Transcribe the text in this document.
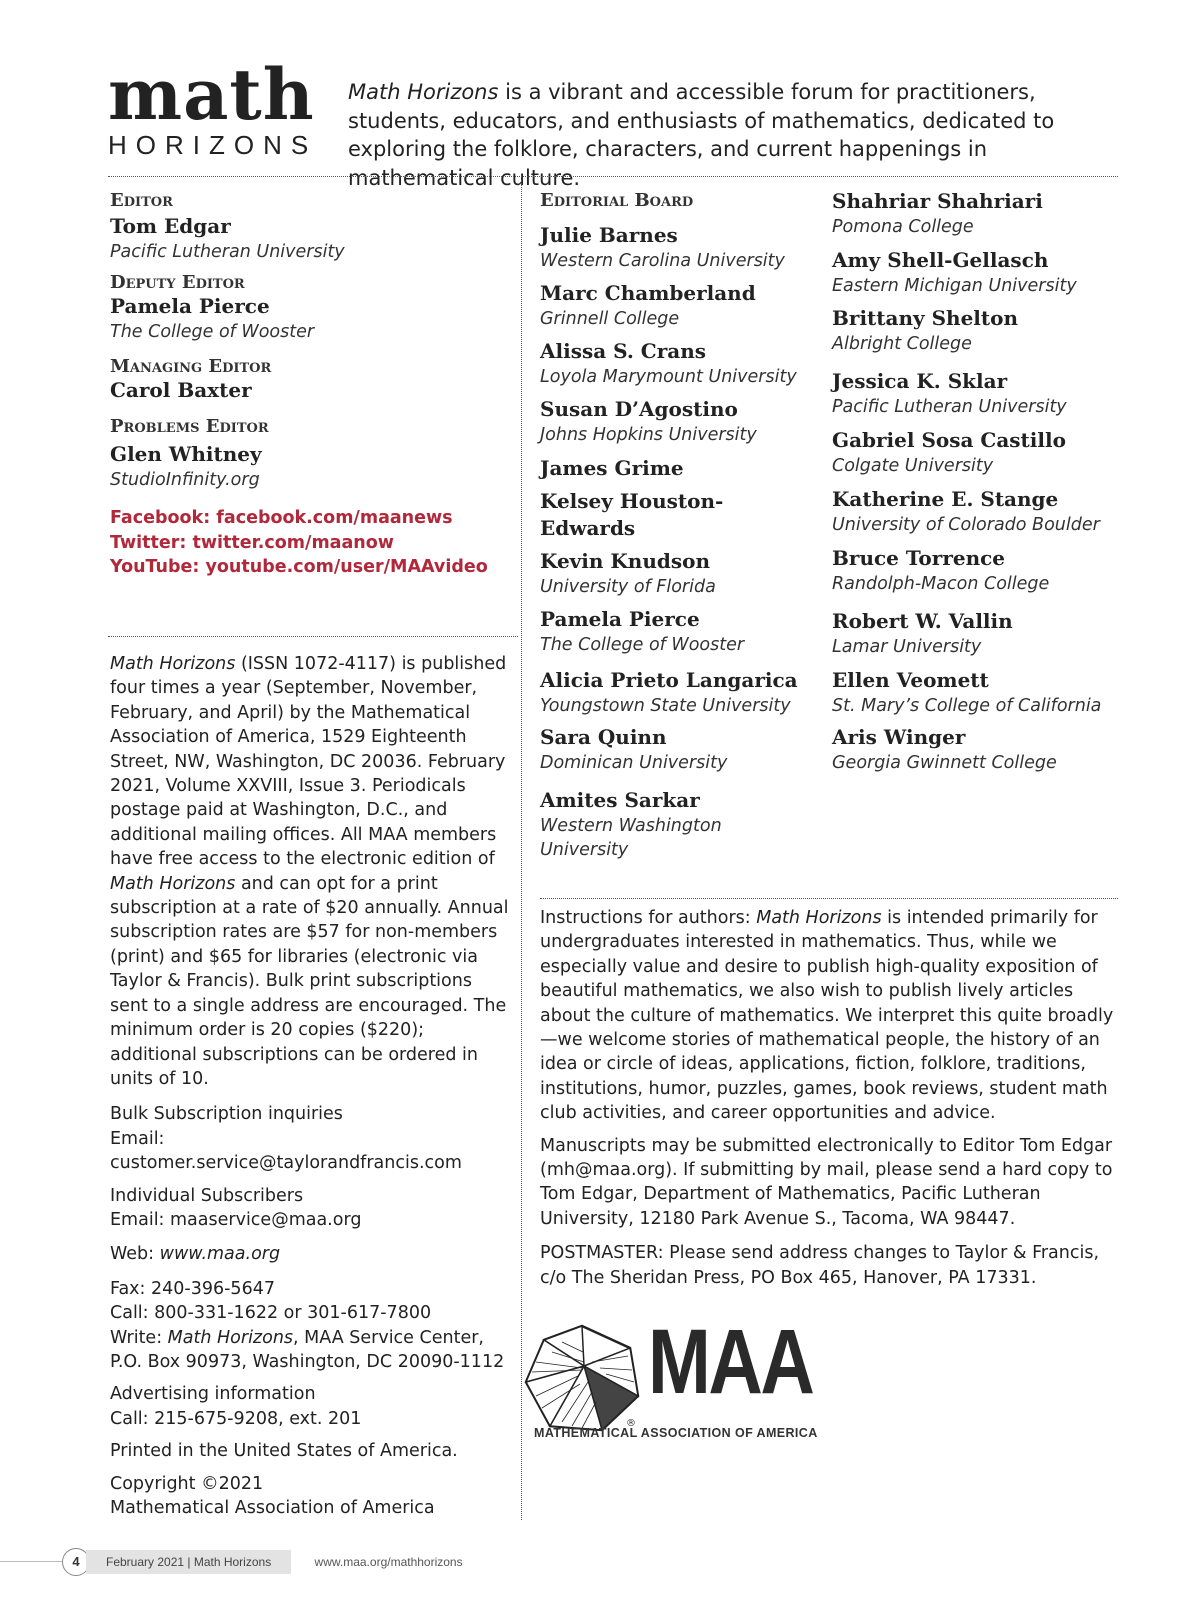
math
HORIZONS
Math Horizons is a vibrant and accessible forum for practitioners, students, educators, and enthusiasts of mathematics, dedicated to exploring the folklore, characters, and current happenings in mathematical culture.
Editor
Tom Edgar
Pacific Lutheran University
Deputy Editor
Pamela Pierce
The College of Wooster
Managing Editor
Carol Baxter
Problems Editor
Glen Whitney
StudioInfinity.org
Facebook: facebook.com/maanews
Twitter: twitter.com/maanow
YouTube: youtube.com/user/MAAvideo

Math Horizons (ISSN 1072-4117) is published four times a year (September, November, February, and April) by the Mathematical Association of America, 1529 Eighteenth Street, NW, Washington, DC 20036. February 2021, Volume XXVIII, Issue 3. Periodicals postage paid at Washington, D.C., and additional mailing offices. All MAA members have free access to the electronic edition of Math Horizons and can opt for a print subscription at a rate of $20 annually. Annual subscription rates are $57 for non-members (print) and $65 for libraries (electronic via Taylor & Francis). Bulk print subscriptions sent to a single address are encouraged. The minimum order is 20 copies ($220); additional subscriptions can be ordered in units of 10.

Bulk Subscription inquiries
Email: customer.service@taylorandfrancis.com

Individual Subscribers
Email: maaservice@maa.org

Web: www.maa.org

Fax: 240-396-5647
Call: 800-331-1622 or 301-617-7800
Write: Math Horizons, MAA Service Center,
P.O. Box 90973, Washington, DC 20090-1112

Advertising information
Call: 215-675-9208, ext. 201

Printed in the United States of America.

Copyright ©2021
Mathematical Association of America

Editorial Board
Julie Barnes
Western Carolina University
Marc Chamberland
Grinnell College
Alissa S. Crans
Loyola Marymount University
Susan D’Agostino
Johns Hopkins University
James Grime
Kelsey Houston-Edwards
Kevin Knudson
University of Florida
Pamela Pierce
The College of Wooster
Alicia Prieto Langarica
Youngstown State University
Sara Quinn
Dominican University
Amites Sarkar
Western Washington University
Shahriar Shahriari
Pomona College
Amy Shell-Gellasch
Eastern Michigan University
Brittany Shelton
Albright College
Jessica K. Sklar
Pacific Lutheran University
Gabriel Sosa Castillo
Colgate University
Katherine E. Stange
University of Colorado Boulder
Bruce Torrence
Randolph-Macon College
Robert W. Vallin
Lamar University
Ellen Veomett
St. Mary’s College of California
Aris Winger
Georgia Gwinnett College

Instructions for authors: Math Horizons is intended primarily for undergraduates interested in mathematics. Thus, while we especially value and desire to publish high-quality exposition of beautiful mathematics, we also wish to publish lively articles about the culture of mathematics. We interpret this quite broadly—we welcome stories of mathematical people, the history of an idea or circle of ideas, applications, fiction, folklore, traditions, institutions, humor, puzzles, games, book reviews, student math club activities, and career opportunities and advice.

Manuscripts may be submitted electronically to Editor Tom Edgar (mh@maa.org). If submitting by mail, please send a hard copy to Tom Edgar, Department of Mathematics, Pacific Lutheran University, 12180 Park Avenue S., Tacoma, WA 98447.

POSTMASTER: Please send address changes to Taylor & Francis, c/o The Sheridan Press, PO Box 465, Hanover, PA 17331.

MAA
®
MATHEMATICAL ASSOCIATION OF AMERICA
4 February 2021 | Math Horizons	www.maa.org/mathhorizons
